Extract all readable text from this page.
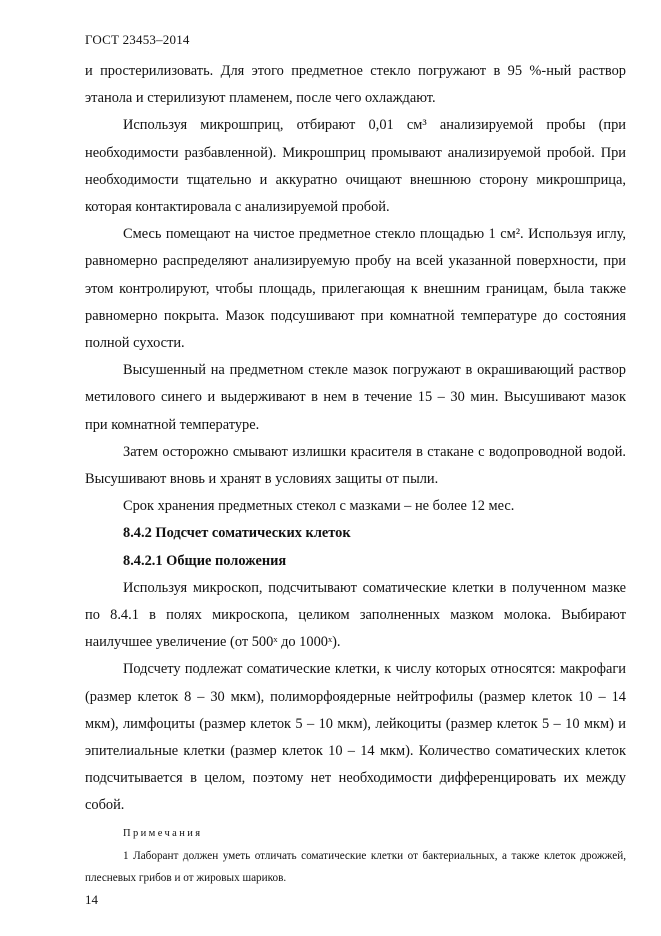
ГОСТ 23453–2014

и простерилизовать. Для этого предметное стекло погружают в 95 %-ный раствор этанола и стерилизуют пламенем, после чего охлаждают.

Используя микрошприц, отбирают 0,01 см³ анализируемой пробы (при необходимости разбавленной). Микрошприц промывают анализируемой пробой. При необходимости тщательно и аккуратно очищают внешнюю сторону микрошприца, которая контактировала с анализируемой пробой.

Смесь помещают на чистое предметное стекло площадью 1 см². Используя иглу, равномерно распределяют анализируемую пробу на всей указанной поверхности, при этом контролируют, чтобы площадь, прилегающая к внешним границам, была также равномерно покрыта. Мазок подсушивают при комнатной температуре до состояния полной сухости.

Высушенный на предметном стекле мазок погружают в окрашивающий раствор метилового синего и выдерживают в нем в течение 15 – 30 мин. Высушивают мазок при комнатной температуре.

Затем осторожно смывают излишки красителя в стакане с водопроводной водой. Высушивают вновь и хранят в условиях защиты от пыли.

Срок хранения предметных стекол с мазками – не более 12 мес.

8.4.2 Подсчет соматических клеток

8.4.2.1 Общие положения

Используя микроскоп, подсчитывают соматические клетки в полученном мазке по 8.4.1 в полях микроскопа, целиком заполненных мазком молока. Выбирают наилучшее увеличение (от 500ˣ до 1000ˣ).

Подсчету подлежат соматические клетки, к числу которых относятся: макрофаги (размер клеток 8 – 30 мкм), полиморфоядерные нейтрофилы (размер клеток 10 – 14 мкм), лимфоциты (размер клеток 5 – 10 мкм), лейкоциты (размер клеток 5 – 10 мкм) и эпителиальные клетки (размер клеток 10 – 14 мкм). Количество соматических клеток подсчитывается в целом, поэтому нет необходимости дифференцировать их между собой.

Примечания

1 Лаборант должен уметь отличать соматические клетки от бактериальных, а также клеток дрожжей, плесневых грибов и от жировых шариков.

14
